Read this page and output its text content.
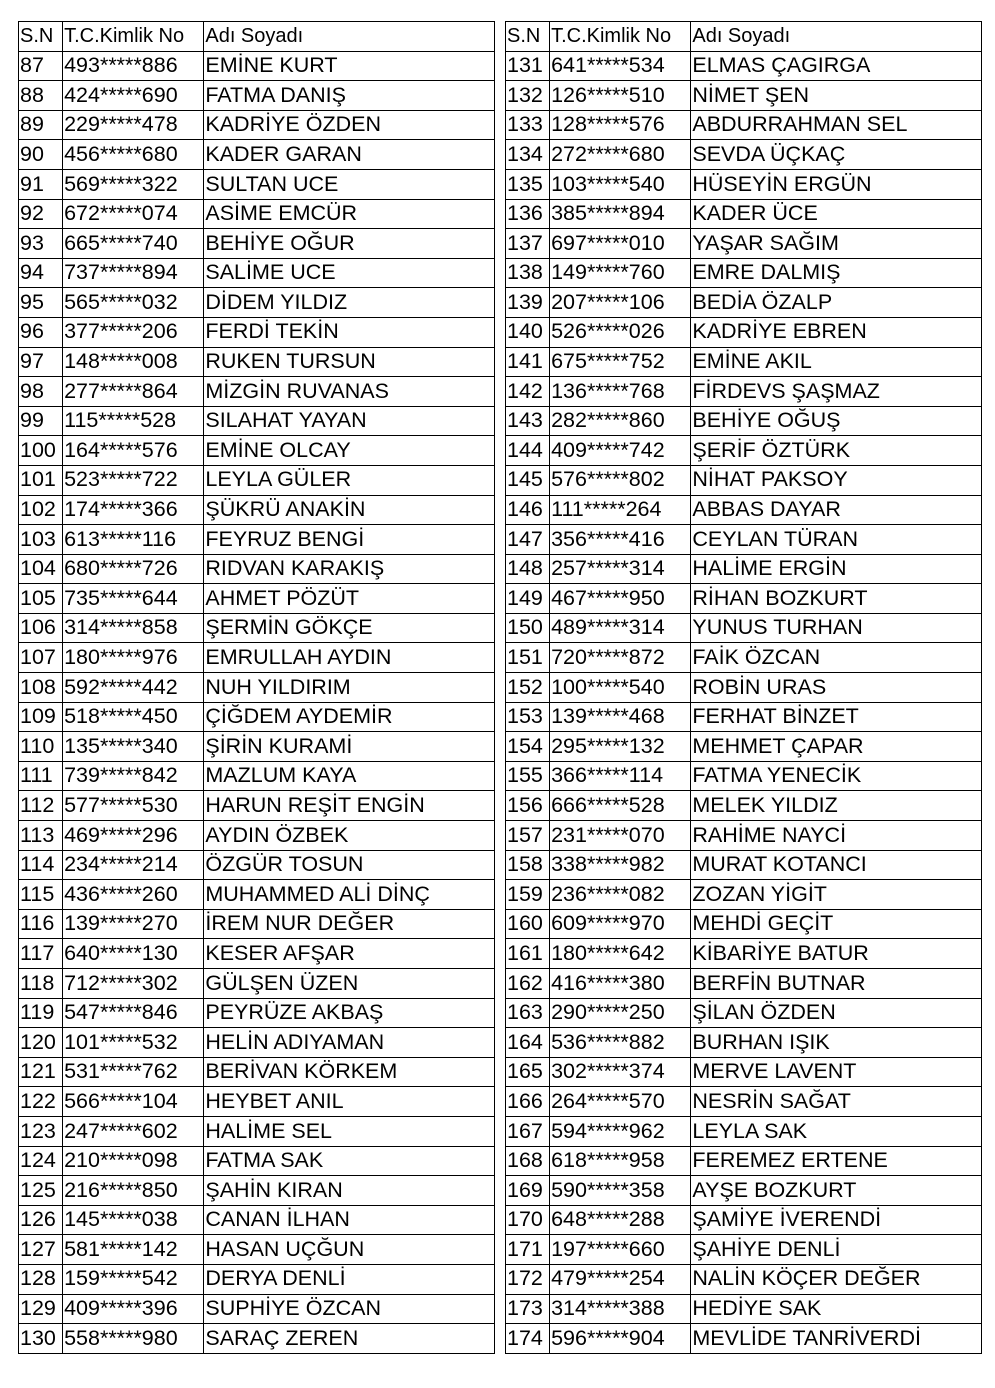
S.N	T.C.Kimlik No	Adı Soyadı
87	493*****886	EMİNE KURT
88	424*****690	FATMA DANIŞ
89	229*****478	KADRİYE ÖZDEN
90	456*****680	KADER GARAN
91	569*****322	SULTAN UCE
92	672*****074	ASİME EMCÜR
93	665*****740	BEHİYE OĞUR
94	737*****894	SALİME UCE
95	565*****032	DİDEM YILDIZ
96	377*****206	FERDİ TEKİN
97	148*****008	RUKEN TURSUN
98	277*****864	MİZGİN RUVANAS
99	115*****528	SILAHAT YAYAN
100	164*****576	EMİNE OLCAY
101	523*****722	LEYLA GÜLER
102	174*****366	ŞÜKRÜ ANAKİN
103	613*****116	FEYRUZ BENGİ
104	680*****726	RIDVAN KARAKIŞ
105	735*****644	AHMET PÖZÜT
106	314*****858	ŞERMİN GÖKÇE
107	180*****976	EMRULLAH AYDIN
108	592*****442	NUH YILDIRIM
109	518*****450	ÇİĞDEM AYDEMİR
110	135*****340	ŞİRİN KURAMİ
111	739*****842	MAZLUM KAYA
112	577*****530	HARUN REŞİT ENGİN
113	469*****296	AYDIN ÖZBEK
114	234*****214	ÖZGÜR TOSUN
115	436*****260	MUHAMMED ALİ DİNÇ
116	139*****270	İREM NUR DEĞER
117	640*****130	KESER AFŞAR
118	712*****302	GÜLŞEN ÜZEN
119	547*****846	PEYRÜZE AKBAŞ
120	101*****532	HELİN ADIYAMAN
121	531*****762	BERİVAN KÖRKEM
122	566*****104	HEYBET ANIL
123	247*****602	HALİME SEL
124	210*****098	FATMA SAK
125	216*****850	ŞAHİN KIRAN
126	145*****038	CANAN İLHAN
127	581*****142	HASAN UÇĞUN
128	159*****542	DERYA DENLİ
129	409*****396	SUPHİYE ÖZCAN
130	558*****980	SARAÇ ZEREN
S.N	T.C.Kimlik No	Adı Soyadı
131	641*****534	ELMAS ÇAGIRGA
132	126*****510	NİMET ŞEN
133	128*****576	ABDURRAHMAN SEL
134	272*****680	SEVDA ÜÇKAÇ
135	103*****540	HÜSEYİN ERGÜN
136	385*****894	KADER ÜCE
137	697*****010	YAŞAR SAĞIM
138	149*****760	EMRE DALMIŞ
139	207*****106	BEDİA ÖZALP
140	526*****026	KADRİYE EBREN
141	675*****752	EMİNE AKIL
142	136*****768	FİRDEVS ŞAŞMAZ
143	282*****860	BEHİYE OĞUŞ
144	409*****742	ŞERİF ÖZTÜRK
145	576*****802	NİHAT PAKSOY
146	111*****264	ABBAS DAYAR
147	356*****416	CEYLAN TÜRAN
148	257*****314	HALİME ERGİN
149	467*****950	RİHAN BOZKURT
150	489*****314	YUNUS TURHAN
151	720*****872	FAİK ÖZCAN
152	100*****540	ROBİN URAS
153	139*****468	FERHAT BİNZET
154	295*****132	MEHMET ÇAPAR
155	366*****114	FATMA YENECİK
156	666*****528	MELEK YILDIZ
157	231*****070	RAHİME NAYCİ
158	338*****982	MURAT KOTANCI
159	236*****082	ZOZAN YİGİT
160	609*****970	MEHDİ GEÇİT
161	180*****642	KİBARİYE BATUR
162	416*****380	BERFİN BUTNAR
163	290*****250	ŞİLAN ÖZDEN
164	536*****882	BURHAN IŞIK
165	302*****374	MERVE LAVENT
166	264*****570	NESRİN SAĞAT
167	594*****962	LEYLA SAK
168	618*****958	FEREMEZ ERTENE
169	590*****358	AYŞE BOZKURT
170	648*****288	ŞAMİYE İVERENDİ
171	197*****660	ŞAHİYE DENLİ
172	479*****254	NALİN KÖÇER DEĞER
173	314*****388	HEDİYE SAK
174	596*****904	MEVLİDE TANRİVERDİ
